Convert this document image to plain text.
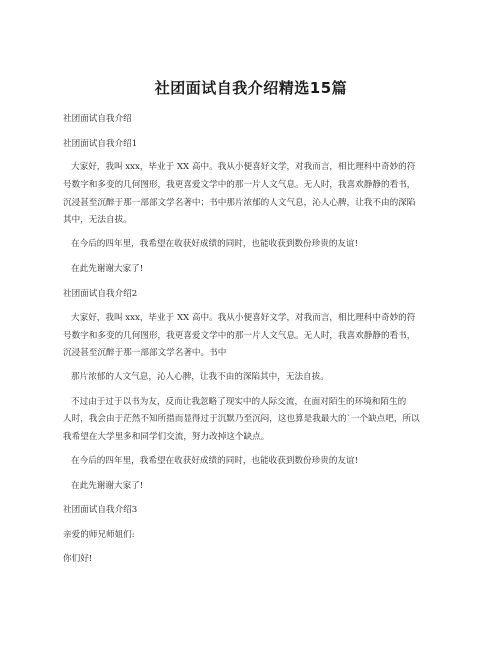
社团面试自我介绍精选15篇
社团面试自我介绍
社团面试自我介绍1
大家好，我叫 xxx，毕业于 XX 高中。我从小便喜好文学，对我而言，相比理科中奇妙的符
号数字和多变的几何图形，我更喜爱文学中的那一片人文气息。无人时，我喜欢静静的看书，
沉浸甚至沉醉于那一部部文学名著中；书中那片浓郁的人文气息，沁人心脾，让我不由的深陷
其中，无法自拔。
在今后的四年里，我希望在收获好成绩的同时，也能收获到数份珍贵的友谊!
在此先谢谢大家了!
社团面试自我介绍2
大家好，我叫 xxx，毕业于 XX 高中。我从小便喜好文学，对我而言，相比理科中奇妙的符
号数字和多变的几何图形，我更喜爱文学中的那一片人文气息。无人时，我喜欢静静的看书，
沉浸甚至沉醉于那一部部文学名著中。书中
那片浓郁的人文气息，沁人心脾，让我不由的深陷其中，无法自拔。
不过由于过于以书为友，反而让我忽略了现实中的人际交流，在面对陌生的环境和陌生的
人时，我会由于茫然不知所措而显得过于沉默乃至沉闷，这也算是我最大的`一个缺点吧，所以
我希望在大学里多和同学们交流，努力改掉这个缺点。
在今后的四年里，我希望在收获好成绩的同时，也能收获到数份珍贵的友谊!
在此先谢谢大家了!
社团面试自我介绍3
亲爱的师兄师姐们:
你们好!
